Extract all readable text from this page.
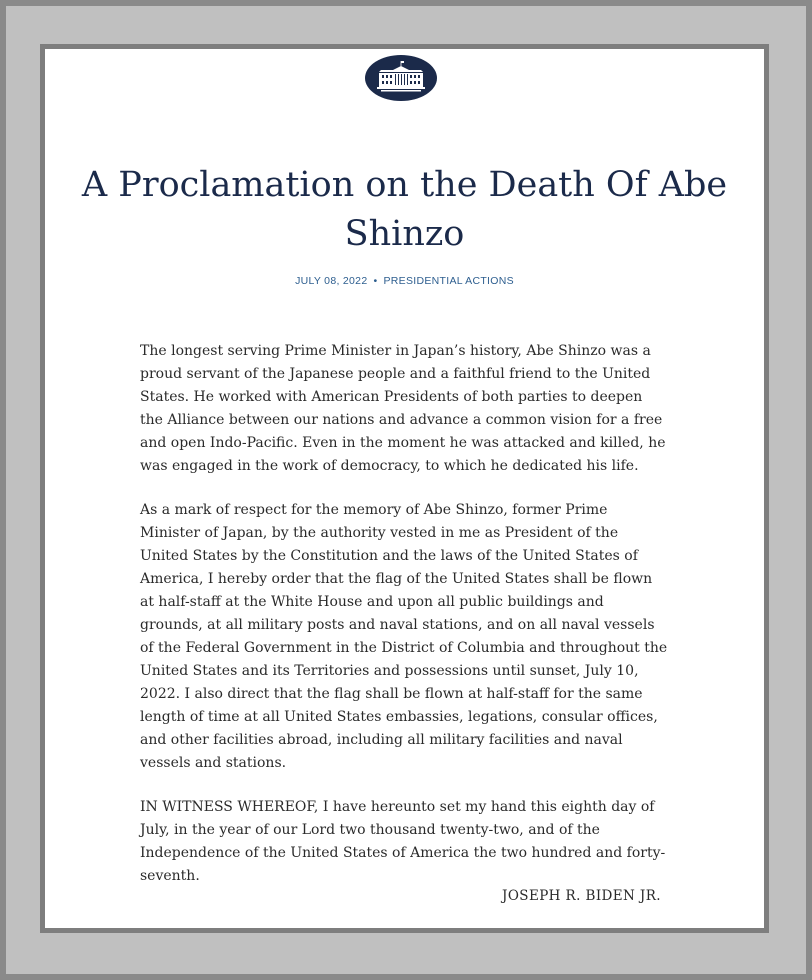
A Proclamation on the Death Of Abe Shinzo
JULY 08, 2022 • PRESIDENTIAL ACTIONS

The longest serving Prime Minister in Japan’s history, Abe Shinzo was a proud servant of the Japanese people and a faithful friend to the United States. He worked with American Presidents of both parties to deepen the Alliance between our nations and advance a common vision for a free and open Indo-Pacific. Even in the moment he was attacked and killed, he was engaged in the work of democracy, to which he dedicated his life.

As a mark of respect for the memory of Abe Shinzo, former Prime Minister of Japan, by the authority vested in me as President of the United States by the Constitution and the laws of the United States of America, I hereby order that the flag of the United States shall be flown at half-staff at the White House and upon all public buildings and grounds, at all military posts and naval stations, and on all naval vessels of the Federal Government in the District of Columbia and throughout the United States and its Territories and possessions until sunset, July 10, 2022. I also direct that the flag shall be flown at half-staff for the same length of time at all United States embassies, legations, consular offices, and other facilities abroad, including all military facilities and naval vessels and stations.

IN WITNESS WHEREOF, I have hereunto set my hand this eighth day of July, in the year of our Lord two thousand twenty-two, and of the Independence of the United States of America the two hundred and forty-seventh.

JOSEPH R. BIDEN JR.
